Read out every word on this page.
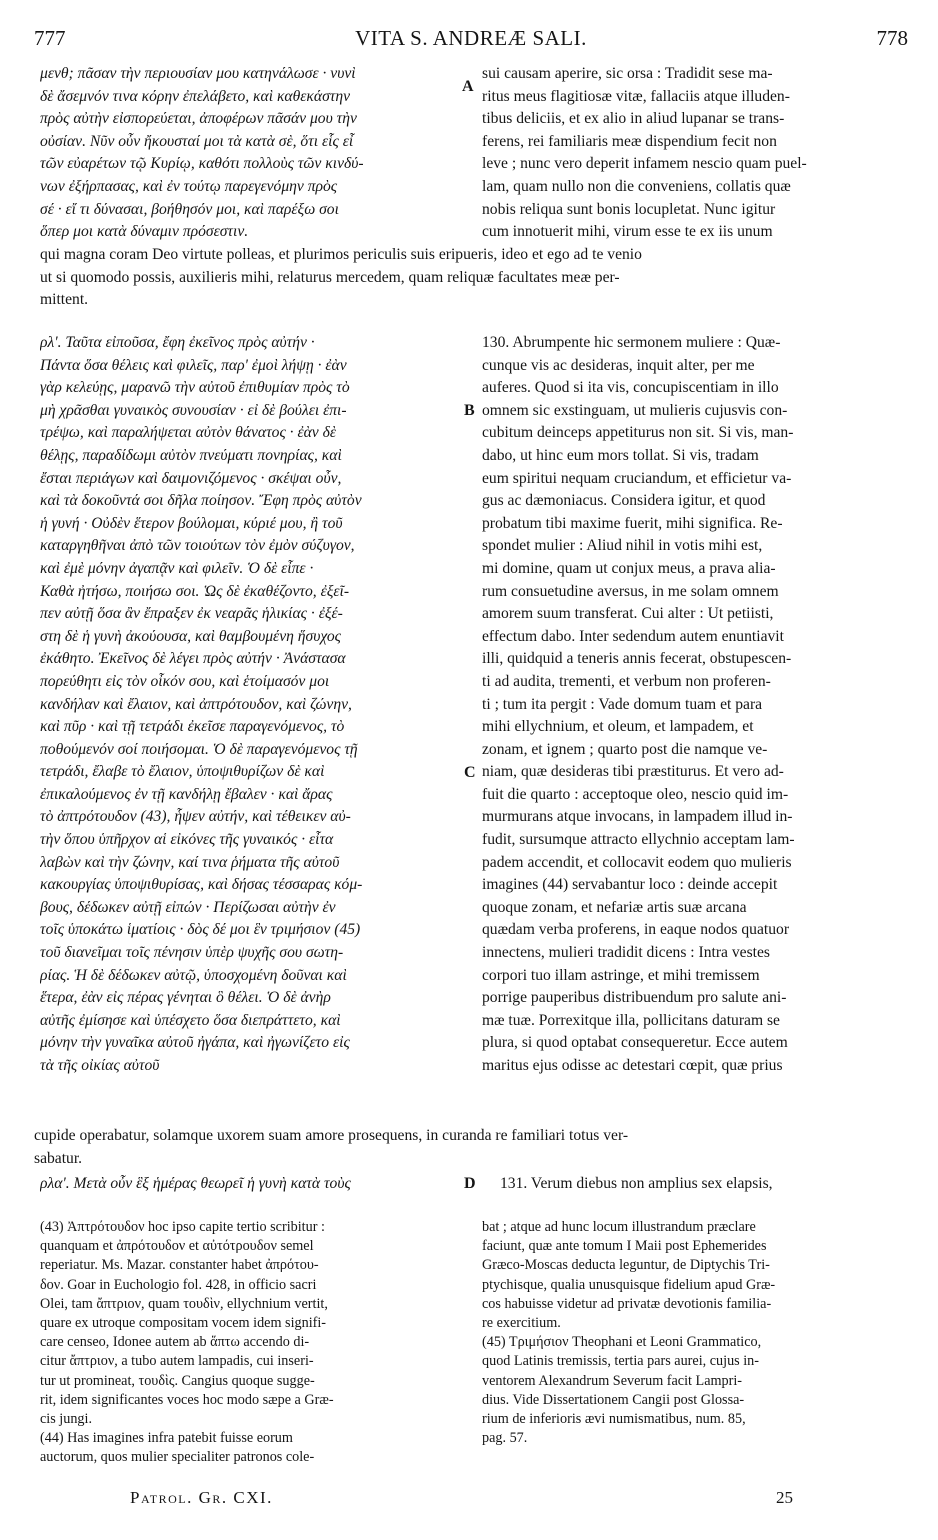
777	VITA S. ANDREÆ SALI.	778
μενθ; πᾶσαν τὴν περιουσίαν μου κατηνάλωσε · νυνὶ
δὲ ἄσεμνόν τινα κόρην ἐπελάβετο, καὶ καθεκάστην
πρὸς αὐτὴν εἰσπορεύεται, ἀποφέρων πᾶσάν μου τὴν
οὐσίαν. Νῦν οὖν ἤκουσταί μοι τὰ κατὰ σὲ, ὅτι εἷς εἶ
τῶν εὐαρέτων τῷ Κυρίῳ, καθότι πολλοὺς τῶν κινδύ-
νων ἐξήρπασας, καὶ ἐν τούτῳ παρεγενόμην πρὸς
σέ · εἴ τι δύνασαι, βοήθησόν μοι, καὶ παρέξω σοι
ὅπερ μοι κατὰ δύναμιν πρόσεστιν.
sui causam aperire, sic orsa : Tradidit sese ma-
ritus meus flagitiosæ vitæ, fallaciis atque illuden-
tibus deliciis, et ex alio in aliud lupanar se trans-
ferens, rei familiaris meæ dispendium fecit non
leve ; nunc vero deperit infamem nescio quam puel-
lam, quam nullo non die conveniens, collatis quæ
nobis reliqua sunt bonis locupletat. Nunc igitur
cum innotuerit mihi, virum esse te ex iis unum
qui magna coram Deo virtute polleas, et plurimos periculis suis eripueris, ideo et ego ad te venio
ut si quomodo possis, auxilieris mihi, relaturus mercedem, quam reliquæ facultates meæ per-
mittent.
ρλ'. Ταῦτα εἰποῦσα, ἔφη ἐκεῖνος πρὸς αὐτήν ·
Πάντα ὅσα θέλεις καὶ φιλεῖς, παρ' ἐμοὶ λήψῃ · ἐὰν
γὰρ κελεύῃς, μαρανῶ τὴν αὐτοῦ ἐπιθυμίαν πρὸς τὸ
μὴ χρᾶσθαι γυναικὸς συνουσίαν · εἰ δὲ βούλει ἐπι-
τρέψω, καὶ παραλήψεται αὐτὸν θάνατος · ἐὰν δὲ
θέλῃς, παραδίδωμι αὐτὸν πνεύματι πονηρίας, καὶ
ἔσται περιάγων καὶ δαιμονιζόμενος · σκέψαι οὖν,
καὶ τὰ δοκοῦντά σοι δῆλα ποίησον. Ἔφη πρὸς αὐτὸν
ἡ γυνή · Οὐδὲν ἕτερον βούλομαι, κύριέ μου, ἢ τοῦ
καταργηθῆναι ἀπὸ τῶν τοιούτων τὸν ἐμὸν σύζυγον,
καὶ ἐμὲ μόνην ἀγαπᾷν καὶ φιλεῖν. Ὁ δὲ εἶπε ·
Καθὰ ἠτήσω, ποιήσω σοι. Ὡς δὲ ἐκαθέζοντο, ἐξεῖ-
πεν αὐτῇ ὅσα ἂν ἔπραξεν ἐκ νεαρᾶς ἡλικίας · ἐξέ-
στη δὲ ἡ γυνὴ ἀκούουσα, καὶ θαμβουμένη ἥσυχος
ἐκάθητο. Ἐκεῖνος δὲ λέγει πρὸς αὐτήν · Ἀνάστασα
πορεύθητι εἰς τὸν οἶκόν σου, καὶ ἑτοίμασόν μοι
κανδήλαν καὶ ἔλαιον, καὶ ἀπτρότουδον, καὶ ζώνην,
καὶ πῦρ · καὶ τῇ τετράδι ἐκεῖσε παραγενόμενος, τὸ
ποθούμενόν σοί ποιήσομαι. Ὁ δὲ παραγενόμενος τῇ
τετράδι, ἔλαβε τὸ ἔλαιον, ὑποψιθυρίζων δὲ καὶ
ἐπικαλούμενος ἐν τῇ κανδήλῃ ἔβαλεν · καὶ ἄρας
τὸ ἀπτρότουδον (43), ἧψεν αὐτήν, καὶ τέθεικεν αὐ-
τὴν ὅπου ὑπῆρχον αἱ εἰκόνες τῆς γυναικός · εἶτα
λαβὼν καὶ τὴν ζώνην, καί τινα ῥήματα τῆς αὐτοῦ
κακουργίας ὑποψιθυρίσας, καὶ δήσας τέσσαρας κόμ-
βους, δέδωκεν αὐτῇ εἰπών · Περίζωσαι αὐτὴν ἐν
τοῖς ὑποκάτω ἱματίοις · δὸς δέ μοι ἓν τριμήσιον (45)
τοῦ διανεῖμαι τοῖς πένησιν ὑπὲρ ψυχῆς σου σωτη-
ρίας. Ἡ δὲ δέδωκεν αὐτῷ, ὑποσχομένη δοῦναι καὶ
ἕτερα, ἐὰν εἰς πέρας γένηται ὃ θέλει. Ὁ δὲ ἀνὴρ
αὐτῆς ἐμίσησε καὶ ὑπέσχετο ὅσα διεπράττετο, καὶ
μόνην τὴν γυναῖκα αὐτοῦ ἠγάπα, καὶ ἠγωνίζετο εἰς
τὰ τῆς οἰκίας αὐτοῦ
130. Abrumpente hic sermonem muliere : Quæ-
cunque vis ac desideras, inquit alter, per me
auferes. Quod si ita vis, concupiscentiam in illo
omnem sic exstinguam, ut mulieris cujusvis con-
cubitum deinceps appetiturus non sit. Si vis, man-
dabo, ut hinc eum mors tollat. Si vis, tradam
eum spiritui nequam cruciandum, et efficietur va-
gus ac dæmoniacus. Considera igitur, et quod
probatum tibi maxime fuerit, mihi significa. Re-
spondet mulier : Aliud nihil in votis mihi est,
mi domine, quam ut conjux meus, a prava alia-
rum consuetudine aversus, in me solam omnem
amorem suum transferat. Cui alter : Ut petiisti,
effectum dabo. Inter sedendum autem enuntiavit
illi, quidquid a teneris annis fecerat, obstupescen-
ti ad audita, trementi, et verbum non proferen-
ti ; tum ita pergit : Vade domum tuam et para
mihi ellychnium, et oleum, et lampadem, et
zonam, et ignem ; quarto post die namque ve-
niam, quæ desideras tibi præstiturus. Et vero ad-
fuit die quarto : acceptoque oleo, nescio quid im-
murmurans atque invocans, in lampadem illud in-
fudit, sursumque attracto ellychnio acceptam lam-
padem accendit, et collocavit eodem quo mulieris
imagines (44) servabantur loco : deinde accepit
quoque zonam, et nefariæ artis suæ arcana
quædam verba proferens, in eaque nodos quatuor
innectens, mulieri tradidit dicens : Intra vestes
corpori tuo illam astringe, et mihi tremissem
porrige pauperibus distribuendum pro salute ani-
mæ tuæ. Porrexitque illa, pollicitans daturam se
plura, si quod optabat consequeretur. Ecce autem
maritus ejus odisse ac detestari cœpit, quæ prius
cupide operabatur, solamque uxorem suam amore prosequens, in curanda re familiari totus ver-
sabatur.
ρλα'. Μετὰ οὖν ἓξ ἡμέρας θεωρεῖ ἡ γυνὴ κατὰ τοὺς	131. Verum diebus non amplius sex elapsis,
A
B
C
D
(43) Ἀπτρότουδον hoc ipso capite tertio scribitur :
quanquam et ἀπρότουδον et αὐτότρουδον semel
reperiatur. Ms. Mazar. constanter habet ἀπρότου-
δον. Goar in Euchologio fol. 428, in officio sacri
Olei, tam ἄπτριον, quam τουδὶν, ellychnium vertit,
quare ex utroque compositam vocem idem signifi-
care censeo, Idonee autem ab ἅπτω accendo di-
citur ἄπτριον, a tubo autem lampadis, cui inseri-
tur ut promineat, τουδὶς. Cangius quoque sugge-
rit, idem significantes voces hoc modo sæpe a Græ-
cis jungi.
(44) Has imagines infra patebit fuisse eorum
auctorum, quos mulier specialiter patronos cole-
bat ; atque ad hunc locum illustrandum præclare
faciunt, quæ ante tomum I Maii post Ephemerides
Græco-Moscas deducta leguntur, de Diptychis Tri-
ptychisque, qualia unusquisque fidelium apud Græ-
cos habuisse videtur ad privatæ devotionis familia-
re exercitium.
(45) Τριμήσιον Theophani et Leoni Grammatico,
quod Latinis tremissis, tertia pars aurei, cujus in-
ventorem Alexandrum Severum facit Lampri-
dius. Vide Dissertationem Cangii post Glossa-
rium de inferioris ævi numismatibus, num. 85,
pag. 57.
Patrol. Gr. CXI.	25
